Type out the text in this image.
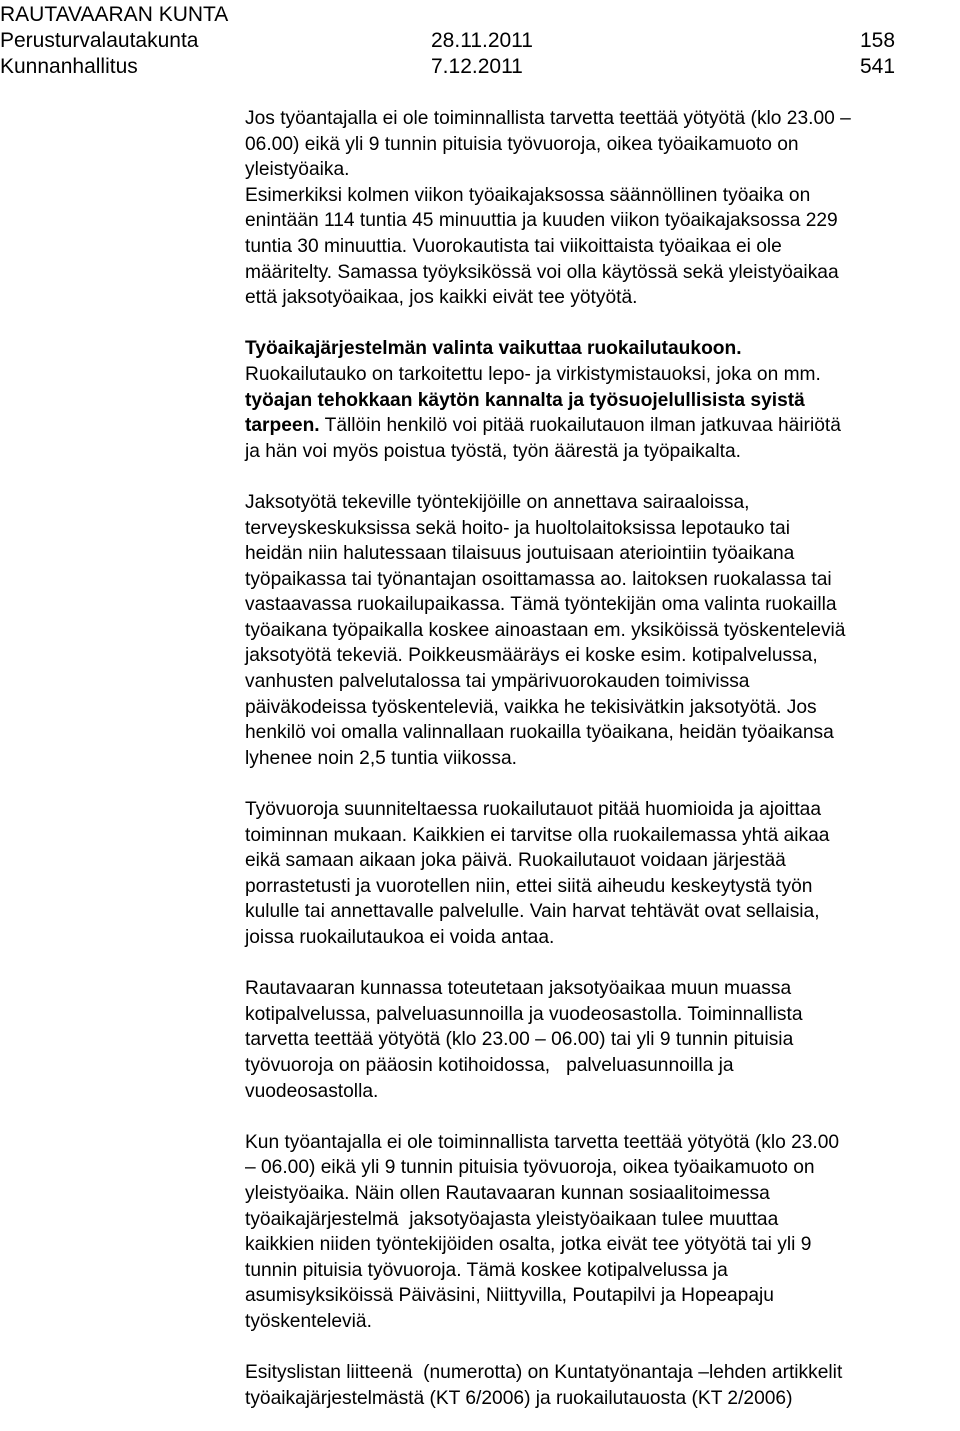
RAUTAVAARAN KUNTA
Perusturvalautakunta	28.11.2011	158
Kunnanhallitus	7.12.2011	541

Jos työantajalla ei ole toiminnallista tarvetta teettää yötyötä (klo 23.00 –

06.00) eikä yli 9 tunnin pituisia työvuoroja, oikea työaikamuoto on

yleistyöaika.

Esimerkiksi kolmen viikon työaikajaksossa säännöllinen työaika on

enintään 114 tuntia 45 minuuttia ja kuuden viikon työaikajaksossa 229

tuntia 30 minuuttia. Vuorokautista tai viikoittaista työaikaa ei ole

määritelty. Samassa työyksikössä voi olla käytössä sekä yleistyöaikaa

että jaksotyöaikaa, jos kaikki eivät tee yötyötä.

Työaikajärjestelmän valinta vaikuttaa ruokailutaukoon.

Ruokailutauko on tarkoitettu lepo- ja virkistymistauoksi, joka on mm.

työajan tehokkaan käytön kannalta ja työsuojelullisista syistä

tarpeen. Tällöin henkilö voi pitää ruokailutauon ilman jatkuvaa häiriötä

ja hän voi myös poistua työstä, työn äärestä ja työpaikalta.

Jaksotyötä tekeville työntekijöille on annettava sairaaloissa,

terveyskeskuksissa sekä hoito- ja huoltolaitoksissa lepotauko tai

heidän niin halutessaan tilaisuus joutuisaan ateriointiin työaikana

työpaikassa tai työnantajan osoittamassa ao. laitoksen ruokalassa tai

vastaavassa ruokailupaikassa. Tämä työntekijän oma valinta ruokailla

työaikana työpaikalla koskee ainoastaan em. yksiköissä työskenteleviä

jaksotyötä tekeviä. Poikkeusmääräys ei koske esim. kotipalvelussa,

vanhusten palvelutalossa tai ympärivuorokauden toimivissa

päiväkodeissa työskenteleviä, vaikka he tekisivätkin jaksotyötä. Jos

henkilö voi omalla valinnallaan ruokailla työaikana, heidän työaikansa

lyhenee noin 2,5 tuntia viikossa.

Työvuoroja suunniteltaessa ruokailutauot pitää huomioida ja ajoittaa

toiminnan mukaan. Kaikkien ei tarvitse olla ruokailemassa yhtä aikaa

eikä samaan aikaan joka päivä. Ruokailutauot voidaan järjestää

porrastetusti ja vuorotellen niin, ettei siitä aiheudu keskeytystä työn

kululle tai annettavalle palvelulle. Vain harvat tehtävät ovat sellaisia,

joissa ruokailutaukoa ei voida antaa.

Rautavaaran kunnassa toteutetaan jaksotyöaikaa muun muassa

kotipalvelussa, palveluasunnoilla ja vuodeosastolla. Toiminnallista

tarvetta teettää yötyötä (klo 23.00 – 06.00) tai yli 9 tunnin pituisia

työvuoroja on pääosin kotihoidossa,   palveluasunnoilla ja

vuodeosastolla.

Kun työantajalla ei ole toiminnallista tarvetta teettää yötyötä (klo 23.00

– 06.00) eikä yli 9 tunnin pituisia työvuoroja, oikea työaikamuoto on

yleistyöaika. Näin ollen Rautavaaran kunnan sosiaalitoimessa

työaikajärjestelmä  jaksotyöajasta yleistyöaikaan tulee muuttaa

kaikkien niiden työntekijöiden osalta, jotka eivät tee yötyötä tai yli 9

tunnin pituisia työvuoroja. Tämä koskee kotipalvelussa ja

asumisyksiköissä Päiväsini, Niittyvilla, Poutapilvi ja Hopeapaju

työskenteleviä.

Esityslistan liitteenä  (numerotta) on Kuntatyönantaja –lehden artikkelit

työaikajärjestelmästä (KT 6/2006) ja ruokailutauosta (KT 2/2006)
